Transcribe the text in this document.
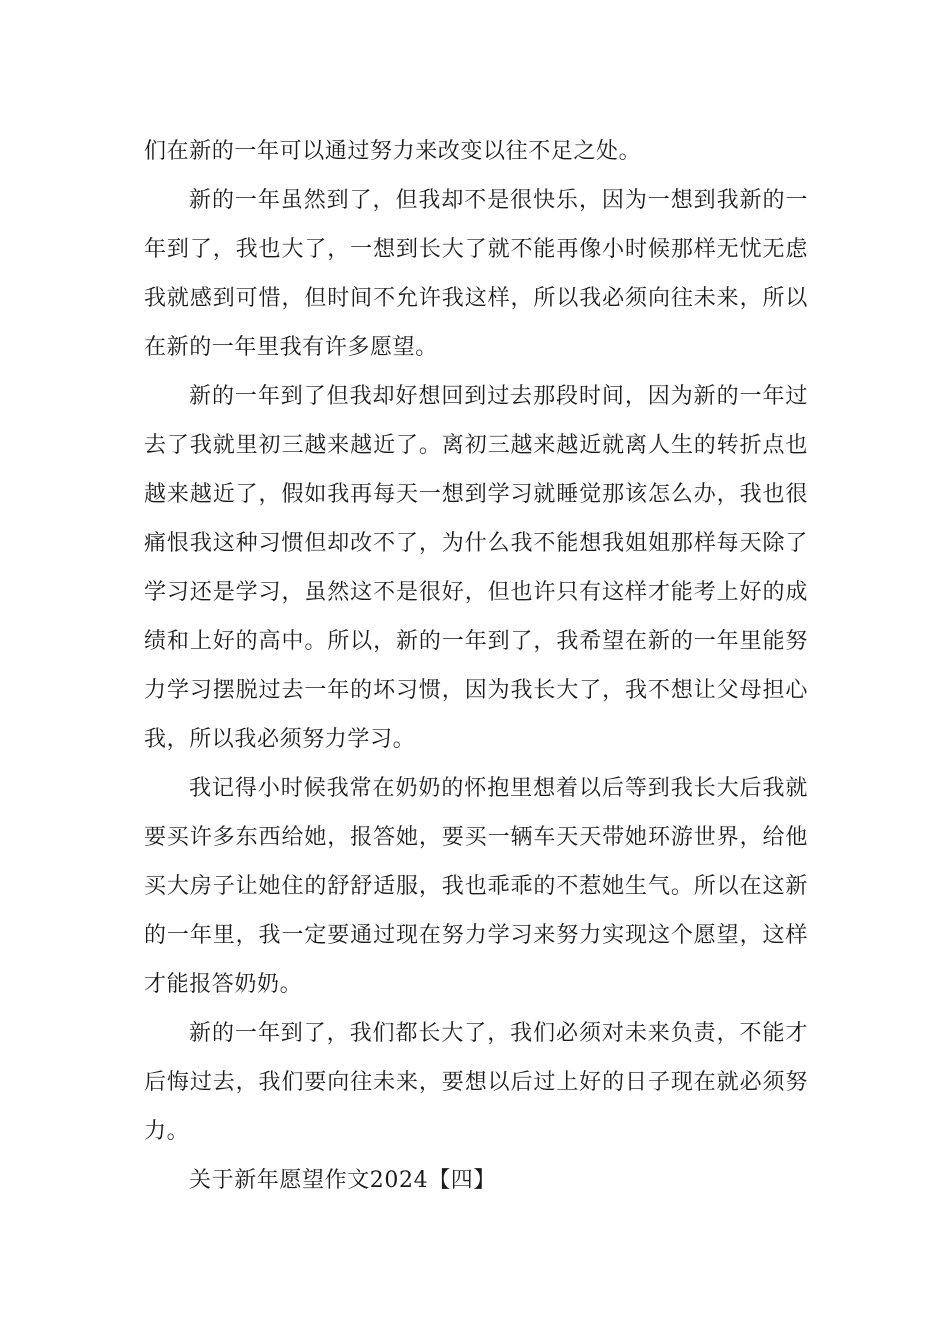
们在新的一年可以通过努力来改变以往不足之处。

新的一年虽然到了，但我却不是很快乐，因为一想到我新的一年到了，我也大了，一想到长大了就不能再像小时候那样无忧无虑我就感到可惜，但时间不允许我这样，所以我必须向往未来，所以在新的一年里我有许多愿望。

新的一年到了但我却好想回到过去那段时间，因为新的一年过去了我就里初三越来越近了。离初三越来越近就离人生的转折点也越来越近了，假如我再每天一想到学习就睡觉那该怎么办，我也很痛恨我这种习惯但却改不了，为什么我不能想我姐姐那样每天除了学习还是学习，虽然这不是很好，但也许只有这样才能考上好的成绩和上好的高中。所以，新的一年到了，我希望在新的一年里能努力学习摆脱过去一年的坏习惯，因为我长大了，我不想让父母担心我，所以我必须努力学习。

我记得小时候我常在奶奶的怀抱里想着以后等到我长大后我就要买许多东西给她，报答她，要买一辆车天天带她环游世界，给他买大房子让她住的舒舒适服，我也乖乖的不惹她生气。所以在这新的一年里，我一定要通过现在努力学习来努力实现这个愿望，这样才能报答奶奶。

新的一年到了，我们都长大了，我们必须对未来负责，不能才后悔过去，我们要向往未来，要想以后过上好的日子现在就必须努力。

关于新年愿望作文2024【四】
